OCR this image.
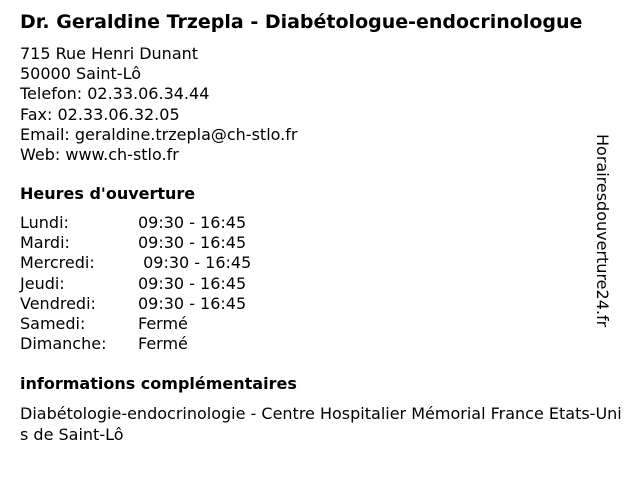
Dr. Geraldine Trzepla - Diabétologue-endocrinologue
715 Rue Henri Dunant
50000 Saint-Lô
Telefon: 02.33.06.34.44
Fax: 02.33.06.32.05
Email: geraldine.trzepla@ch-stlo.fr
Web: www.ch-stlo.fr
Heures d'ouverture
Lundi:	09:30 - 16:45
Mardi:	09:30 - 16:45
Mercredi:	09:30 - 16:45
Jeudi:	09:30 - 16:45
Vendredi:	09:30 - 16:45
Samedi:	Fermé
Dimanche:	Fermé
informations complémentaires
Diabétologie-endocrinologie - Centre Hospitalier Mémorial France Etats-Unis de Saint-Lô
Horairesdouverture24.fr
